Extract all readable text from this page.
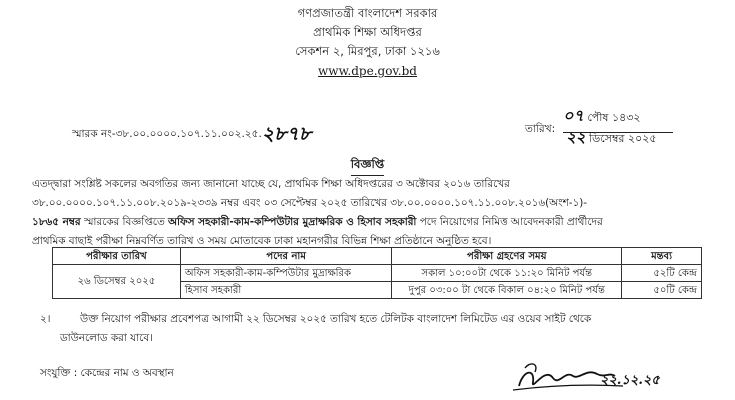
গণপ্রজাতন্ত্রী বাংলাদেশ সরকার
প্রাথমিক শিক্ষা অধিদপ্তর
সেকশন ২, মিরপুর, ঢাকা ১২১৬
www.dpe.gov.bd
স্মারক নং-৩৮.০০.০০০০.১০৭.১১.০০২.২৫.২৮৭৮	তারিখ:
০৭ পৌষ ১৪৩২
২২ ডিসেম্বর ২০২৫
বিজ্ঞপ্তি
এতদ্দ্বারা সংশ্লিষ্ট সকলের অবগতির জন্য জানানো যাচ্ছে যে, প্রাথমিক শিক্ষা অধিদপ্তরের ৩ অক্টোবর ২০১৬ তারিখের
৩৮.০০.০০০০.১০৭.১১.০০৮.২০১৯-২৩৩৯ নম্বর এবং ০৩ সেপ্টেম্বর ২০২৫ তারিখের ৩৮.০০.০০০০.১০৭.১১.০০৮.২০১৬(অংশ-১)-
১৮৬৫ নম্বর স্মারকের বিজ্ঞপ্তিতে অফিস সহকারী-কাম-কম্পিউটার মুদ্রাক্ষরিক ও হিসাব সহকারী পদে নিয়োগের নিমিত্ত আবেদনকারী প্রার্থীদের
প্রাথমিক বাছাই পরীক্ষা নিম্নবর্ণিত তারিখ ও সময় মোতাবেক ঢাকা মহানগরীর বিভিন্ন শিক্ষা প্রতিষ্ঠানে অনুষ্ঠিত হবে।
পরীক্ষার তারিখ	পদের নাম	পরীক্ষা গ্রহণের সময়	মন্তব্য
২৬ ডিসেম্বর ২০২৫	অফিস সহকারী-কাম-কম্পিউটার মুদ্রাক্ষরিক	সকাল ১০:০০টা থেকে ১১:২০ মিনিট পর্যন্ত	৫২টি কেন্দ্র
	হিসাব সহকারী	দুপুর ০৩:০০ টা থেকে বিকাল ০৪:২০ মিনিট পর্যন্ত	৫০টি কেন্দ্র
২।	উক্ত নিয়োগ পরীক্ষার প্রবেশপত্র আগামী ২২ ডিসেম্বর ২০২৫ তারিখ হতে টেলিটক বাংলাদেশ লিমিটেড এর ওয়েব সাইট থেকে
ডাউনলোড করা যাবে।
সংযুক্তি : কেন্দ্রের নাম ও অবস্থান	২২.১২.২৫
